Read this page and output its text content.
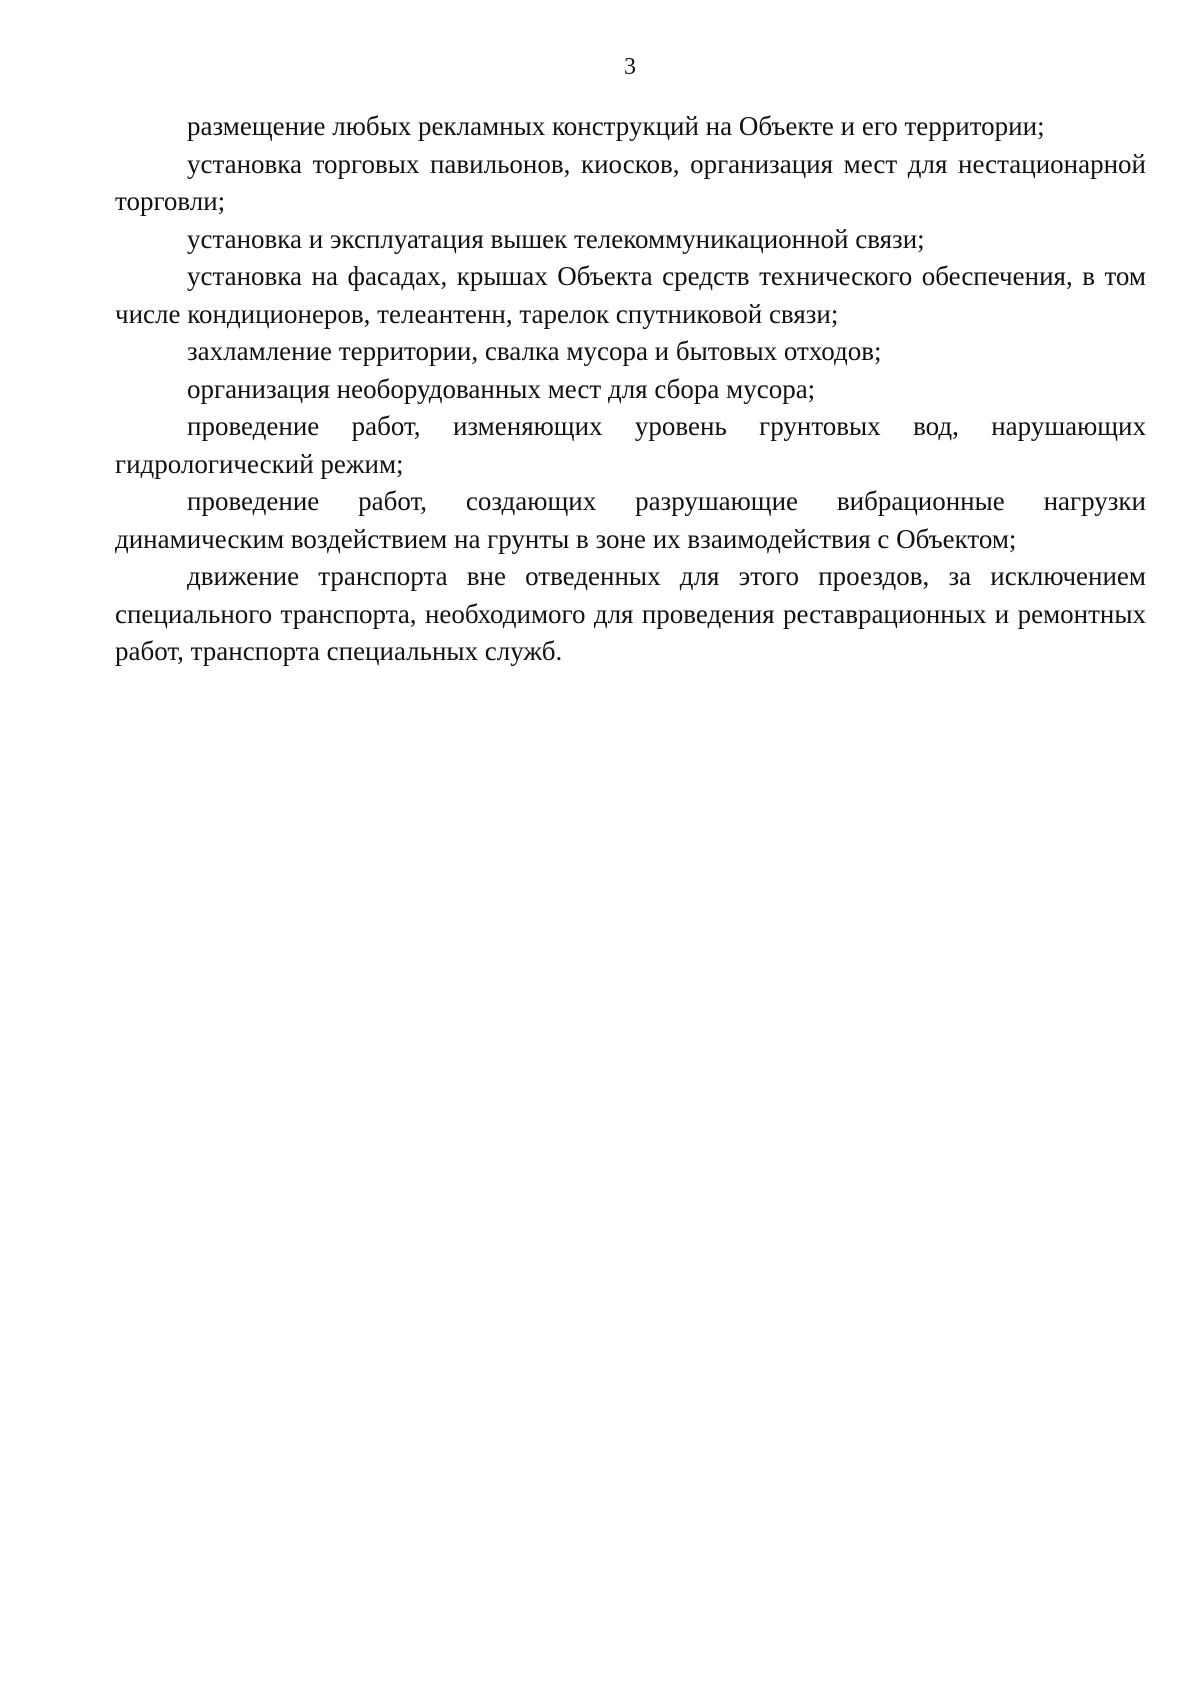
3

размещение любых рекламных конструкций на Объекте и его территории;

установка торговых павильонов, киосков, организация мест для нестационарной торговли;

установка и эксплуатация вышек телекоммуникационной связи;

установка на фасадах, крышах Объекта средств технического обеспечения, в том числе кондиционеров, телеантенн, тарелок спутниковой связи;

захламление территории, свалка мусора и бытовых отходов;

организация необорудованных мест для сбора мусора;

проведение работ, изменяющих уровень грунтовых вод, нарушающих гидрологический режим;

проведение работ, создающих разрушающие вибрационные нагрузки динамическим воздействием на грунты в зоне их взаимодействия с Объектом;

движение транспорта вне отведенных для этого проездов, за исключением специального транспорта, необходимого для проведения реставрационных и ремонтных работ, транспорта специальных служб.
